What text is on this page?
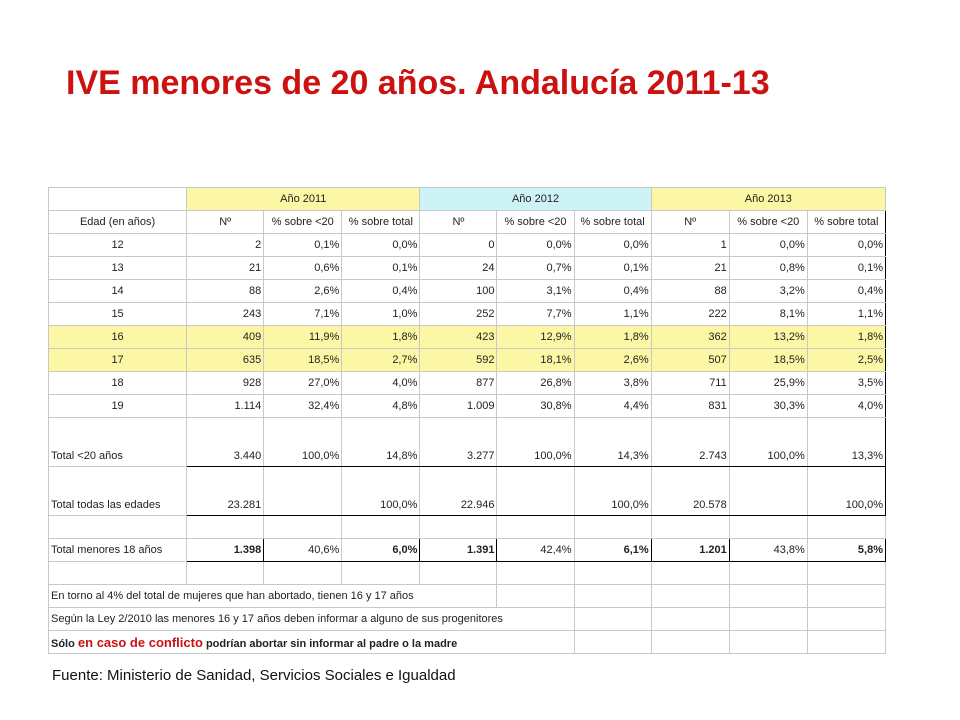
IVE menores de 20 años. Andalucía 2011-13
	Año 2011			Año 2012			Año 2013		
Edad (en años)	Nº	% sobre <20	% sobre total	Nº	% sobre <20	% sobre total	Nº	% sobre <20	% sobre total
12	2	0,1%	0,0%	0	0,0%	0,0%	1	0,0%	0,0%
13	21	0,6%	0,1%	24	0,7%	0,1%	21	0,8%	0,1%
14	88	2,6%	0,4%	100	3,1%	0,4%	88	3,2%	0,4%
15	243	7,1%	1,0%	252	7,7%	1,1%	222	8,1%	1,1%
16	409	11,9%	1,8%	423	12,9%	1,8%	362	13,2%	1,8%
17	635	18,5%	2,7%	592	18,1%	2,6%	507	18,5%	2,5%
18	928	27,0%	4,0%	877	26,8%	3,8%	711	25,9%	3,5%
19	1.114	32,4%	4,8%	1.009	30,8%	4,4%	831	30,3%	4,0%
Total <20 años	3.440	100,0%	14,8%	3.277	100,0%	14,3%	2.743	100,0%	13,3%
Total todas las edades	23.281		100,0%	22.946		100,0%	20.578		100,0%

Total menores 18 años	1.398	40,6%	6,0%	1.391	42,4%	6,1%	1.201	43,8%	5,8%

En torno al 4% del total de mujeres que han abortado, tienen 16 y 17 años									
Según la Ley 2/2010 las menores 16 y 17 años deben informar a alguno de sus progenitores									
Sólo en caso de conflicto podrían abortar sin informar al padre o la madre									
Fuente: Ministerio de Sanidad, Servicios Sociales e Igualdad
